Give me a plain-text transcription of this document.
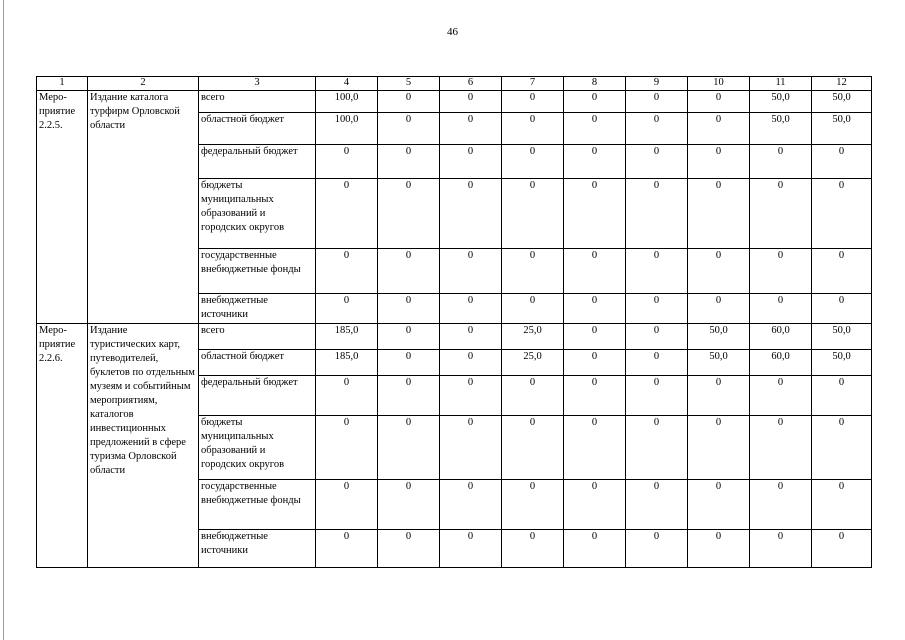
46
1	2	3	4	5	6	7	8	9	10	11	12
Меро-приятие 2.2.5.	Издание каталога турфирм Орловской области	всего	100,0	0	0	0	0	0	0	50,0	50,0
		областной бюджет	100,0	0	0	0	0	0	0	50,0	50,0
		федеральный бюджет	0	0	0	0	0	0	0	0	0
		бюджеты муниципальных образований и городских округов	0	0	0	0	0	0	0	0	0
		государственные внебюджетные фонды	0	0	0	0	0	0	0	0	0
		внебюджетные источники	0	0	0	0	0	0	0	0	0
Меро-приятие 2.2.6.	Издание туристических карт, путеводителей, буклетов по отдельным музеям и событийным мероприятиям, каталогов инвестиционных предложений в сфере туризма Орловской области	всего	185,0	0	0	25,0	0	0	50,0	60,0	50,0
		областной бюджет	185,0	0	0	25,0	0	0	50,0	60,0	50,0
		федеральный бюджет	0	0	0	0	0	0	0	0	0
		бюджеты муниципальных образований и городских округов	0	0	0	0	0	0	0	0	0
		государственные внебюджетные фонды	0	0	0	0	0	0	0	0	0
		внебюджетные источники	0	0	0	0	0	0	0	0	0
